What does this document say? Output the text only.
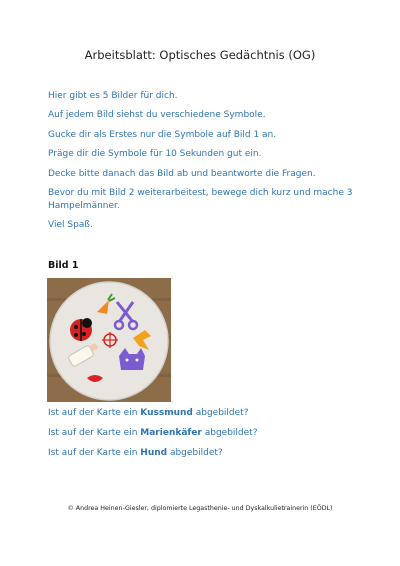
Arbeitsblatt: Optisches Gedächtnis (OG)

Hier gibt es 5 Bilder für dich.

Auf jedem Bild siehst du verschiedene Symbole.

Gucke dir als Erstes nur die Symbole auf Bild 1 an.

Präge dir die Symbole für 10 Sekunden gut ein.

Decke bitte danach das Bild ab und beantworte die Fragen.

Bevor du mit Bild 2 weiterarbeitest, bewege dich kurz und mache 3 Hampelmänner.

Viel Spaß.

Bild 1

Ist auf der Karte ein Kussmund abgebildet?

Ist auf der Karte ein Marienkäfer abgebildet?

Ist auf der Karte ein Hund abgebildet?

© Andrea Heinen-Giesler, diplomierte Legasthenie- und Dyskalkulietrainerin (EÖDL)
